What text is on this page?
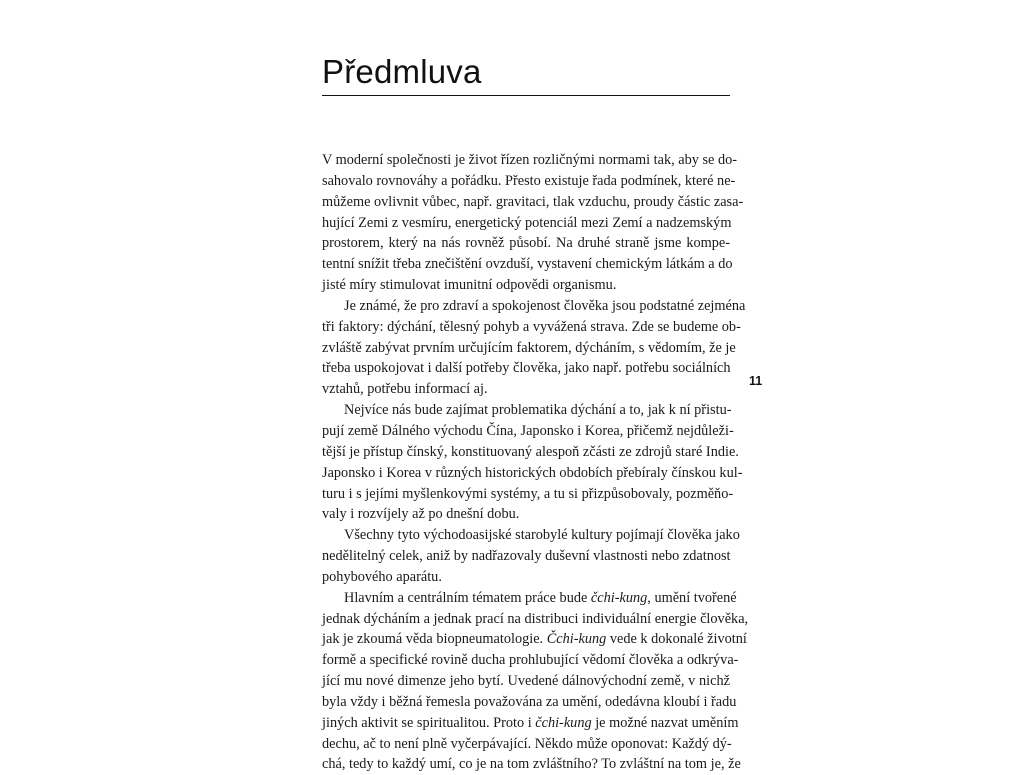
Předmluva
V moderní společnosti je život řízen rozličnými normami tak, aby se do-
sahovalo rovnováhy a pořádku. Přesto existuje řada podmínek, které ne-
můžeme ovlivnit vůbec, např. gravitaci, tlak vzduchu, proudy částic zasa-
hující Zemi z vesmíru, energetický potenciál mezi Zemí a nadzemským
prostorem, který na nás rovněž působí. Na druhé straně jsme kompe-
tentní snížit třeba znečištění ovzduší, vystavení chemickým látkám a do
jisté míry stimulovat imunitní odpovědi organismu.
Je známé, že pro zdraví a spokojenost člověka jsou podstatné zejména
tři faktory: dýchání, tělesný pohyb a vyvážená strava. Zde se budeme ob-
zvláště zabývat prvním určujícím faktorem, dýcháním, s vědomím, že je
třeba uspokojovat i další potřeby člověka, jako např. potřebu sociálních
vztahů, potřebu informací aj.
Nejvíce nás bude zajímat problematika dýchání a to, jak k ní přistu-
pují země Dálného východu Čína, Japonsko i Korea, přičemž nejdůleži-
tější je přístup čínský, konstituovaný alespoň zčásti ze zdrojů staré Indie.
Japonsko i Korea v různých historických obdobích přebíraly čínskou kul-
turu i s jejími myšlenkovými systémy, a tu si přizpůsobovaly, pozměňo-
valy i rozvíjely až po dnešní dobu.
Všechny tyto východoasijské starobylé kultury pojímají člověka jako
nedělitelný celek, aniž by nadřazovaly duševní vlastnosti nebo zdatnost
pohybového aparátu.
Hlavním a centrálním tématem práce bude čchi-kung, umění tvořené
jednak dýcháním a jednak prací na distribuci individuální energie člověka,
jak je zkoumá věda biopneumatologie. Čchi-kung vede k dokonalé životní
formě a specifické rovině ducha prohlubující vědomí člověka a odkrýva-
jící mu nové dimenze jeho bytí. Uvedené dálnovýchodní země, v nichž
byla vždy i běžná řemesla považována za umění, odedávna kloubí i řadu
jiných aktivit se spiritualitou. Proto i čchi-kung je možné nazvat uměním
dechu, ač to není plně vyčerpávající. Někdo může oponovat: Každý dý-
chá, tedy to každý umí, co je na tom zvláštního? To zvláštní na tom je, že
11
